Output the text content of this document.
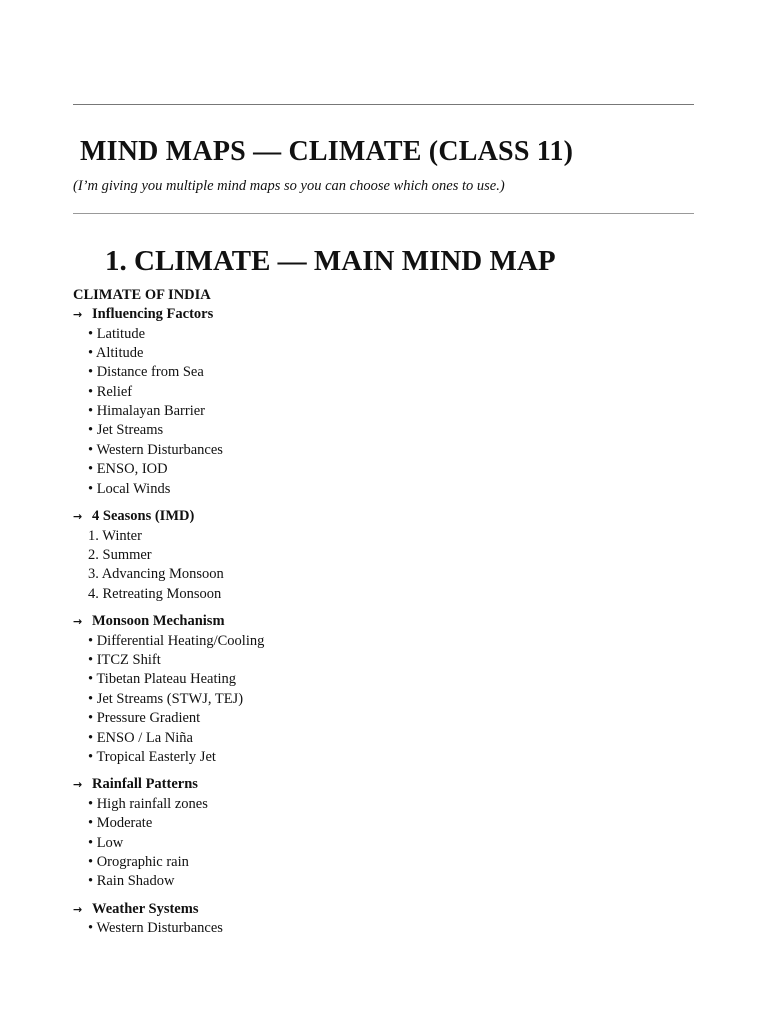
MIND MAPS — CLIMATE (CLASS 11)

(I’m giving you multiple mind maps so you can choose which ones to use.)

1. CLIMATE — MAIN MIND MAP
CLIMATE OF INDIA
→ Influencing Factors
• Latitude
• Altitude
• Distance from Sea
• Relief
• Himalayan Barrier
• Jet Streams
• Western Disturbances
• ENSO, IOD
• Local Winds
→ 4 Seasons (IMD)
1. Winter
2. Summer
3. Advancing Monsoon
4. Retreating Monsoon
→ Monsoon Mechanism
• Differential Heating/Cooling
• ITCZ Shift
• Tibetan Plateau Heating
• Jet Streams (STWJ, TEJ)
• Pressure Gradient
• ENSO / La Niña
• Tropical Easterly Jet
→ Rainfall Patterns
• High rainfall zones
• Moderate
• Low
• Orographic rain
• Rain Shadow
→ Weather Systems
• Western Disturbances
